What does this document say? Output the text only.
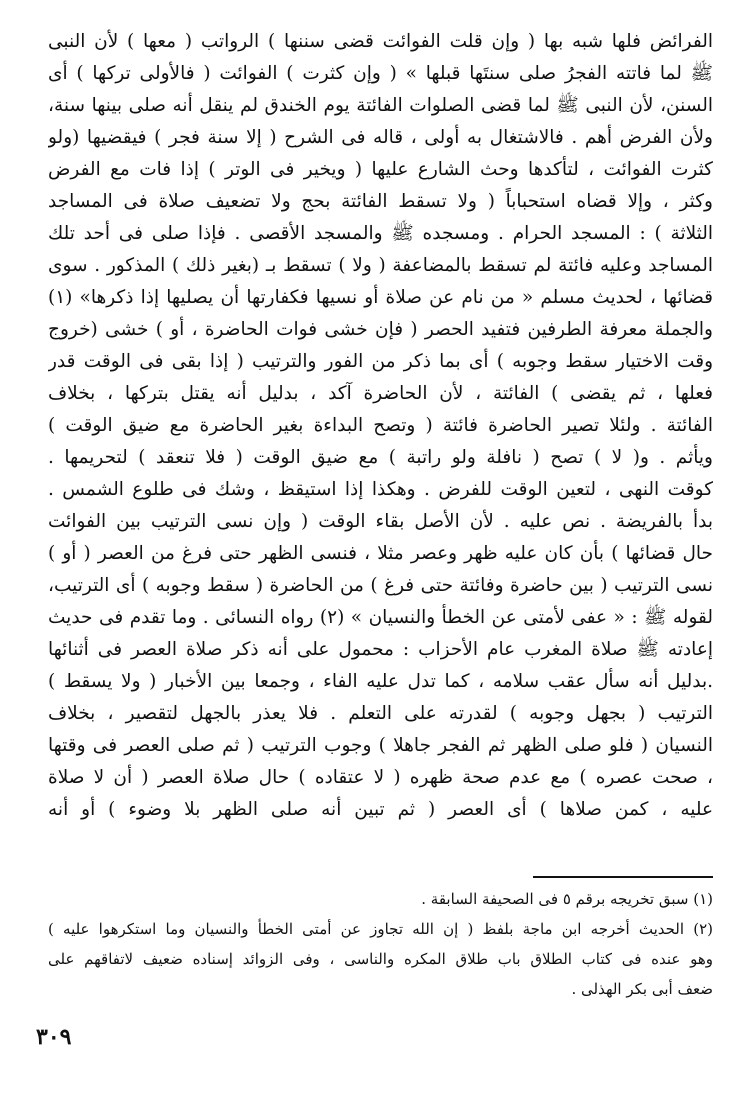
الفرائض فلها شبه بها ( وإن قلت الفوائت قضى سننها ) الرواتب ( معها ) لأن النبى
ﷺ لما فاتته الفجرُ صلى سنتَها قبلها » ( وإن كثرت ) الفوائت ( فالأولى تركها ) أى
السنن، لأن النبى ﷺ لما قضى الصلوات الفائتة يوم الخندق لم ينقل أنه صلى بينها سنة،
ولأن الفرض أهم . فالاشتغال به أولى ، قاله فى الشرح ( إلا سنة فجر ) فيقضيها (ولو
كثرت الفوائت ، لتأكدها وحث الشارع عليها ( ويخير فى الوتر ) إذا فات مع الفرض
وكثر ، وإلا قضاه استحباباً ( ولا تسقط الفائتة بحج ولا تضعيف صلاة فى المساجد
الثلاثة ) : المسجد الحرام . ومسجده ﷺ والمسجد الأقصى . فإذا صلى فى أحد تلك
المساجد وعليه فائتة لم تسقط بالمضاعفة ( ولا ) تسقط بـ (بغير ذلك ) المذكور . سوى
قضائها ، لحديث مسلم « من نام عن صلاة أو نسيها فكفارتها أن يصليها إذا ذكرها» (١)
والجملة معرفة الطرفين فتفيد الحصر ( فإن خشى فوات الحاضرة ، أو ) خشى (خروج
وقت الاختيار سقط وجوبه ) أى بما ذكر من الفور والترتيب ( إذا بقى فى الوقت قدر
فعلها ، ثم يقضى ) الفائتة ، لأن الحاضرة آكد ، بدليل أنه يقتل بتركها ، بخلاف
الفائتة . ولئلا تصير الحاضرة فائتة ( وتصح البداءة بغير الحاضرة مع ضيق الوقت )
ويأثم . و( لا ) تصح ( نافلة ولو راتبة ) مع ضيق الوقت ( فلا تنعقد ) لتحريمها .
كوقت النهى ، لتعين الوقت للفرض . وهكذا إذا استيقظ ، وشك فى طلوع الشمس .
بدأ بالفريضة . نص عليه . لأن الأصل بقاء الوقت ( وإن نسى الترتيب بين الفوائت
حال قضائها ) بأن كان عليه ظهر وعصر مثلا ، فنسى الظهر حتى فرغ من العصر ( أو )
نسى الترتيب ( بين حاضرة وفائتة حتى فرغ ) من الحاضرة ( سقط وجوبه ) أى الترتيب،
لقوله ﷺ : « عفى لأمتى عن الخطأ والنسيان » (٢) رواه النسائى . وما تقدم فى حديث
إعادته ﷺ صلاة المغرب عام الأحزاب : محمول على أنه ذكر صلاة العصر فى أثنائها
.بدليل أنه سأل عقب سلامه ، كما تدل عليه الفاء ، وجمعا بين الأخبار ( ولا يسقط )
الترتيب ( بجهل وجوبه ) لقدرته على التعلم . فلا يعذر بالجهل لتقصير ، بخلاف
النسيان ( فلو صلى الظهر ثم الفجر جاهلا ) وجوب الترتيب ( ثم صلى العصر فى وقتها
، صحت عصره ) مع عدم صحة ظهره ( لا عتقاده ) حال صلاة العصر ( أن لا صلاة
عليه ، كمن صلاها ) أى العصر ( ثم تبين أنه صلى الظهر بلا وضوء ) أو أنه
(١) سبق تخريجه برقم ٥ فى الصحيفة السابقة .
(٢) الحديث أخرجه ابن ماجة بلفظ ( إن الله تجاوز عن أمتى الخطأ والنسيان وما استكرهوا عليه )
وهو عنده فى كتاب الطلاق باب طلاق المكره والناسى ، وفى الزوائد إسناده ضعيف لاتفاقهم على
ضعف أبى بكر الهذلى .
٣٠٩
